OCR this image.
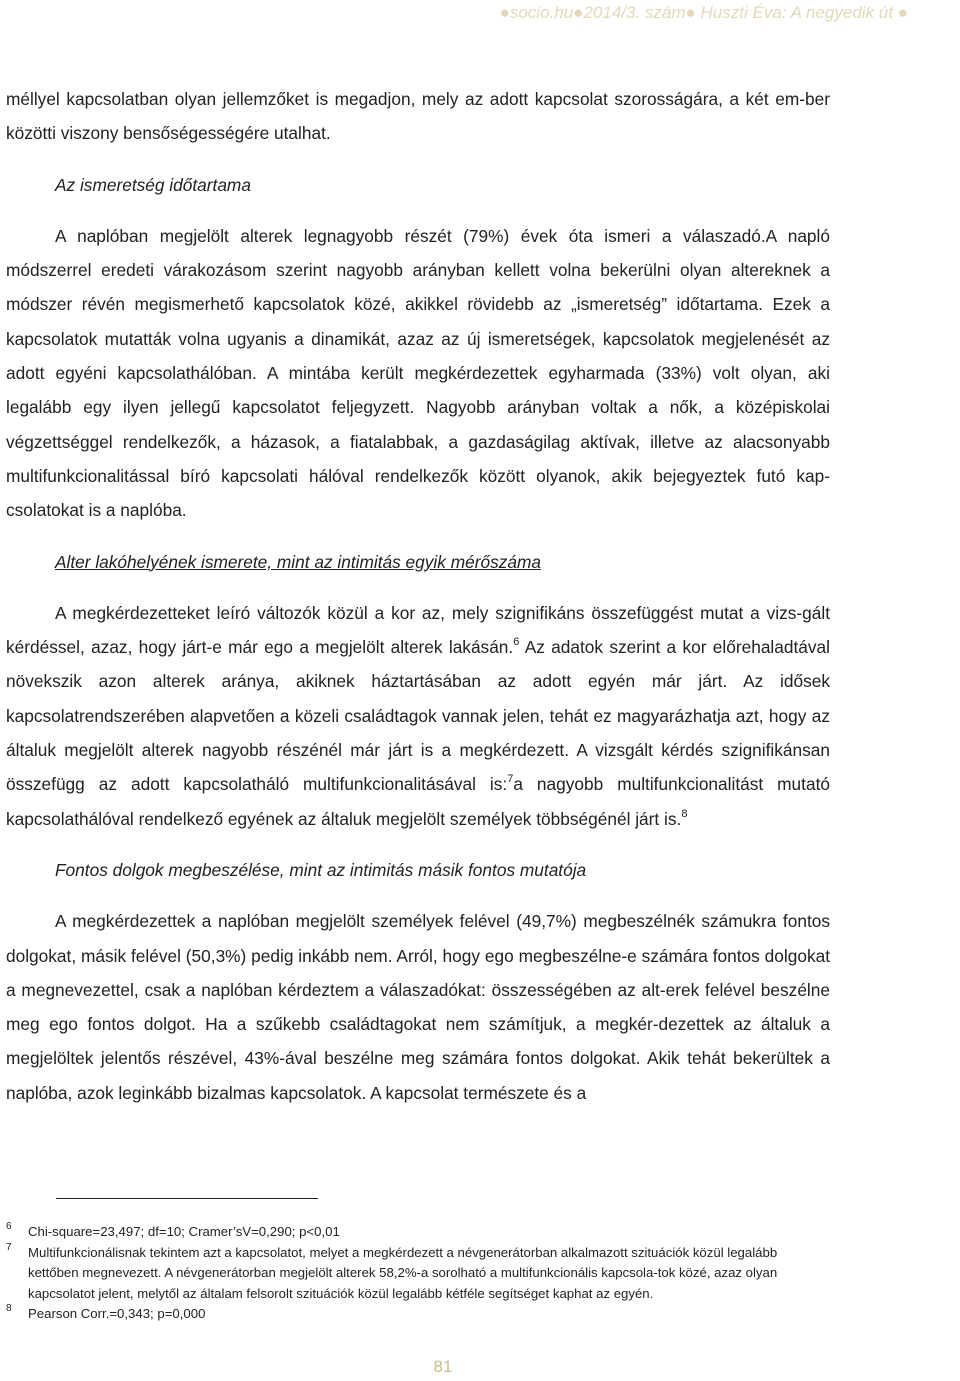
●socio.hu●2014/3. szám● Huszti Éva: A negyedik út ●

méllyel kapcsolatban olyan jellemzőket is megadjon, mely az adott kapcsolat szorosságára, a két em-ber közötti viszony bensőségességére utalhat.

Az ismeretség időtartama

A naplóban megjelölt alterek legnagyobb részét (79%) évek óta ismeri a válaszadó.A napló módszerrel eredeti várakozásom szerint nagyobb arányban kellett volna bekerülni olyan altereknek a módszer révén megismerhető kapcsolatok közé, akikkel rövidebb az „ismeretség” időtartama. Ezek a kapcsolatok mutatták volna ugyanis a dinamikát, azaz az új ismeretségek, kapcsolatok megjelenését az adott egyéni kapcsolathálóban. A mintába került megkérdezettek egyharmada (33%) volt olyan, aki legalább egy ilyen jellegű kapcsolatot feljegyzett. Nagyobb arányban voltak a nők, a középiskolai végzettséggel rendelkezők, a házasok, a fiatalabbak, a gazdaságilag aktívak, illetve az alacsonyabb multifunkcionalitással bíró kapcsolati hálóval rendelkezők között olyanok, akik bejegyeztek futó kap-csolatokat is a naplóba.

Alter lakóhelyének ismerete, mint az intimitás egyik mérőszáma

A megkérdezetteket leíró változók közül a kor az, mely szignifikáns összefüggést mutat a vizs-gált kérdéssel, azaz, hogy járt-e már ego a megjelölt alterek lakásán.$^6$ Az adatok szerint a kor előrehaladtával növekszik azon alterek aránya, akiknek háztartásában az adott egyén már járt. Az idősek kapcsolatrendszerében alapvetően a közeli családtagok vannak jelen, tehát ez magyarázhatja azt, hogy az általuk megjelölt alterek nagyobb részénél már járt is a megkérdezett. A vizsgált kérdés szignifikánsan összefügg az adott kapcsolatháló multifunkcionalitásával is:$^7$a nagyobb multifunkcionalitást mutató kapcsolathálóval rendelkező egyének az általuk megjelölt személyek többségénél járt is.$^8$

Fontos dolgok megbeszélése, mint az intimitás másik fontos mutatója

A megkérdezettek a naplóban megjelölt személyek felével (49,7%) megbeszélnék számukra fontos dolgokat, másik felével (50,3%) pedig inkább nem. Arról, hogy ego megbeszélne-e számára fontos dolgokat a megnevezettel, csak a naplóban kérdeztem a válaszadókat: összességében az alt-erek felével beszélne meg ego fontos dolgot. Ha a szűkebb családtagokat nem számítjuk, a megkér-dezettek az általuk a megjelöltek jelentős részével, 43%-ával beszélne meg számára fontos dolgokat. Akik tehát bekerültek a naplóba, azok leginkább bizalmas kapcsolatok. A kapcsolat természete és a

6 Chi-square=23,497; df=10; Cramer’sV=0,290; p<0,01
7 Multifunkcionálisnak tekintem azt a kapcsolatot, melyet a megkérdezett a névgenerátorban alkalmazott szituációk közül legalább kettőben megnevezett. A névgenerátorban megjelölt alterek 58,2%-a sorolható a multifunkcionális kapcsola-tok közé, azaz olyan kapcsolatot jelent, melytől az általam felsorolt szituációk közül legalább kétféle segítséget kaphat az egyén.
8 Pearson Corr.=0,343; p=0,000
81
